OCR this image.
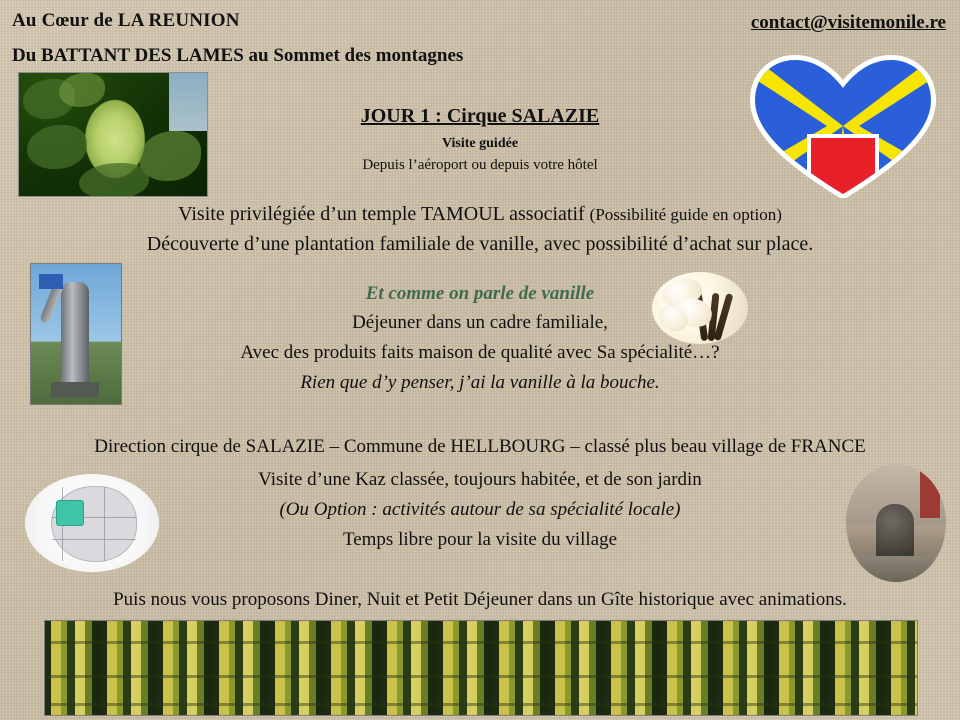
Au Cœur de LA REUNION
Du BATTANT DES LAMES au Sommet des montagnes
contact@visitemonile.re
JOUR 1 : Cirque SALAZIE
Visite guidée
Depuis l’aéroport ou depuis votre hôtel
Visite privilégiée d’un temple TAMOUL associatif (Possibilité guide en option)
Découverte d’une plantation familiale de vanille, avec possibilité d’achat sur place.
Et comme on parle de vanille
Déjeuner dans un cadre familiale,
Avec des produits faits maison de qualité avec Sa spécialité…?
Rien que d’y penser, j’ai la vanille à la bouche.
Direction cirque de SALAZIE – Commune de HELLBOURG – classé plus beau village de FRANCE
Visite d’une Kaz classée, toujours habitée, et de son jardin
(Ou Option : activités autour de sa spécialité locale)
Temps libre pour la visite du village
Puis nous vous proposons Diner, Nuit et Petit Déjeuner dans un Gîte historique avec animations.
